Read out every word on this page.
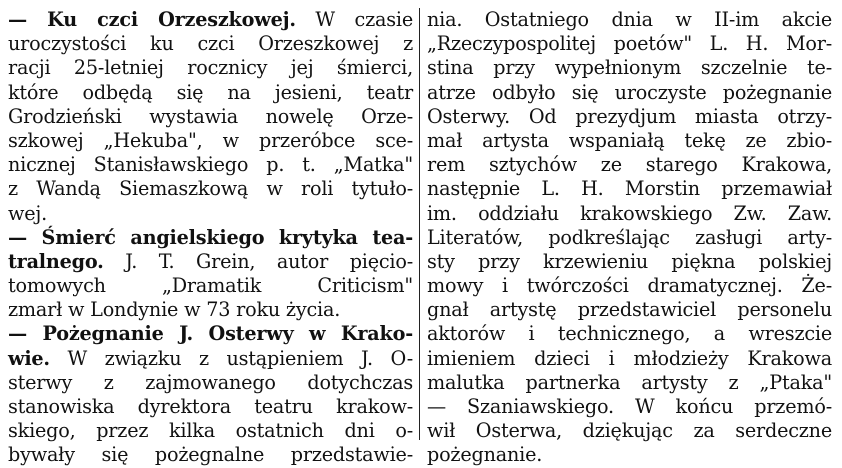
— Ku czci Orzeszkowej. W czasie
uroczystości ku czci Orzeszkowej z
racji 25-letniej rocznicy jej śmierci,
które odbędą się na jesieni, teatr
Grodzieński wystawia nowelę Orze-
szkowej „Hekuba", w przeróbce sce-
nicznej Stanisławskiego p. t. „Matka"
z Wandą Siemaszkową w roli tytuło-
wej.
— Śmierć angielskiego krytyka tea-
tralnego. J. T. Grein, autor pięcio-
tomowych „Dramatik Criticism"
zmarł w Londynie w 73 roku życia.
— Pożegnanie J. Osterwy w Krako-
wie. W związku z ustąpieniem J. O-
sterwy z zajmowanego dotychczas
stanowiska dyrektora teatru krakow-
skiego, przez kilka ostatnich dni o-
bywały się pożegnalne przedstawie-
nia. Ostatniego dnia w II-im akcie
„Rzeczypospolitej poetów" L. H. Mor-
stina przy wypełnionym szczelnie te-
atrze odbyło się uroczyste pożegnanie
Osterwy. Od prezydjum miasta otrzy-
mał artysta wspaniałą tekę ze zbio-
rem sztychów ze starego Krakowa,
następnie L. H. Morstin przemawiał
im. oddziału krakowskiego Zw. Zaw.
Literatów, podkreślając zasługi arty-
sty przy krzewieniu piękna polskiej
mowy i twórczości dramatycznej. Że-
gnał artystę przedstawiciel personelu
aktorów i technicznego, a wreszcie
imieniem dzieci i młodzieży Krakowa
malutka partnerka artysty z „Ptaka"
— Szaniawskiego. W końcu przemó-
wił Osterwa, dziękując za serdeczne
pożegnanie.
